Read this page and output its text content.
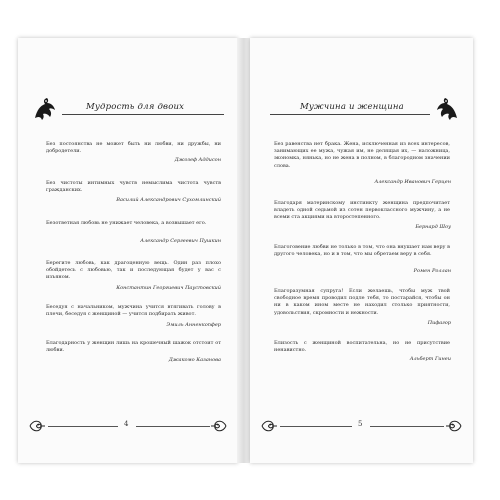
Мудрость для двоих
Без постоянства не может быть ни любви, ни дружбы, ни добродетели.
Джозеф Аддисон
Без чистоты интимных чувств немыслима чистота чувств гражданских.
Василий Александрович Сухомлинский
Безответная любовь не унижает человека, а возвышает его.
Александр Сергеевич Пушкин
Берегите любовь, как драгоценную вещь. Один раз плохо обойдетесь с любовью, так и последующая будет у вас с изъяном.
Константин Георгиевич Паустовский
Беседуя с начальником, мужчина учится втягивать голову в плечи, беседуя с женщиной — учится подбирать живот.
Эмиль Анненкопфер
Благодарность у женщин лишь на крошечный шажок отстоит от любви.
Джакомо Казанова
4
Мужчина и женщина
Без равенства нет брака. Жена, исключенная из всех интересов, занимающих ее мужа, чужая им, не делящая их, — наложница, экономка, нянька, но не жена в полном, в благородном значении слова.
Александр Иванович Герцен
Благодаря материнскому инстинкту женщина предпочитает владеть одной седьмой из сотен первоклассного мужчину, а не всеми ста акциями на второстепенного.
Бернард Шоу
Благоговение любви не только в том, что она внушает нам веру в другого человека, но и в том, что мы обретаем веру в себя.
Ромен Роллан
Благоразумная супруга! Если желаешь, чтобы муж твой свободное время проводил подле тебя, то постарайся, чтобы он ни в каком ином месте не находил столько приятности, удовольствия, скромности и нежности.
Пифагор
Близость с женщиной воспитательна, но не присутствие ненавистно.
Альберт Гинеи
5
